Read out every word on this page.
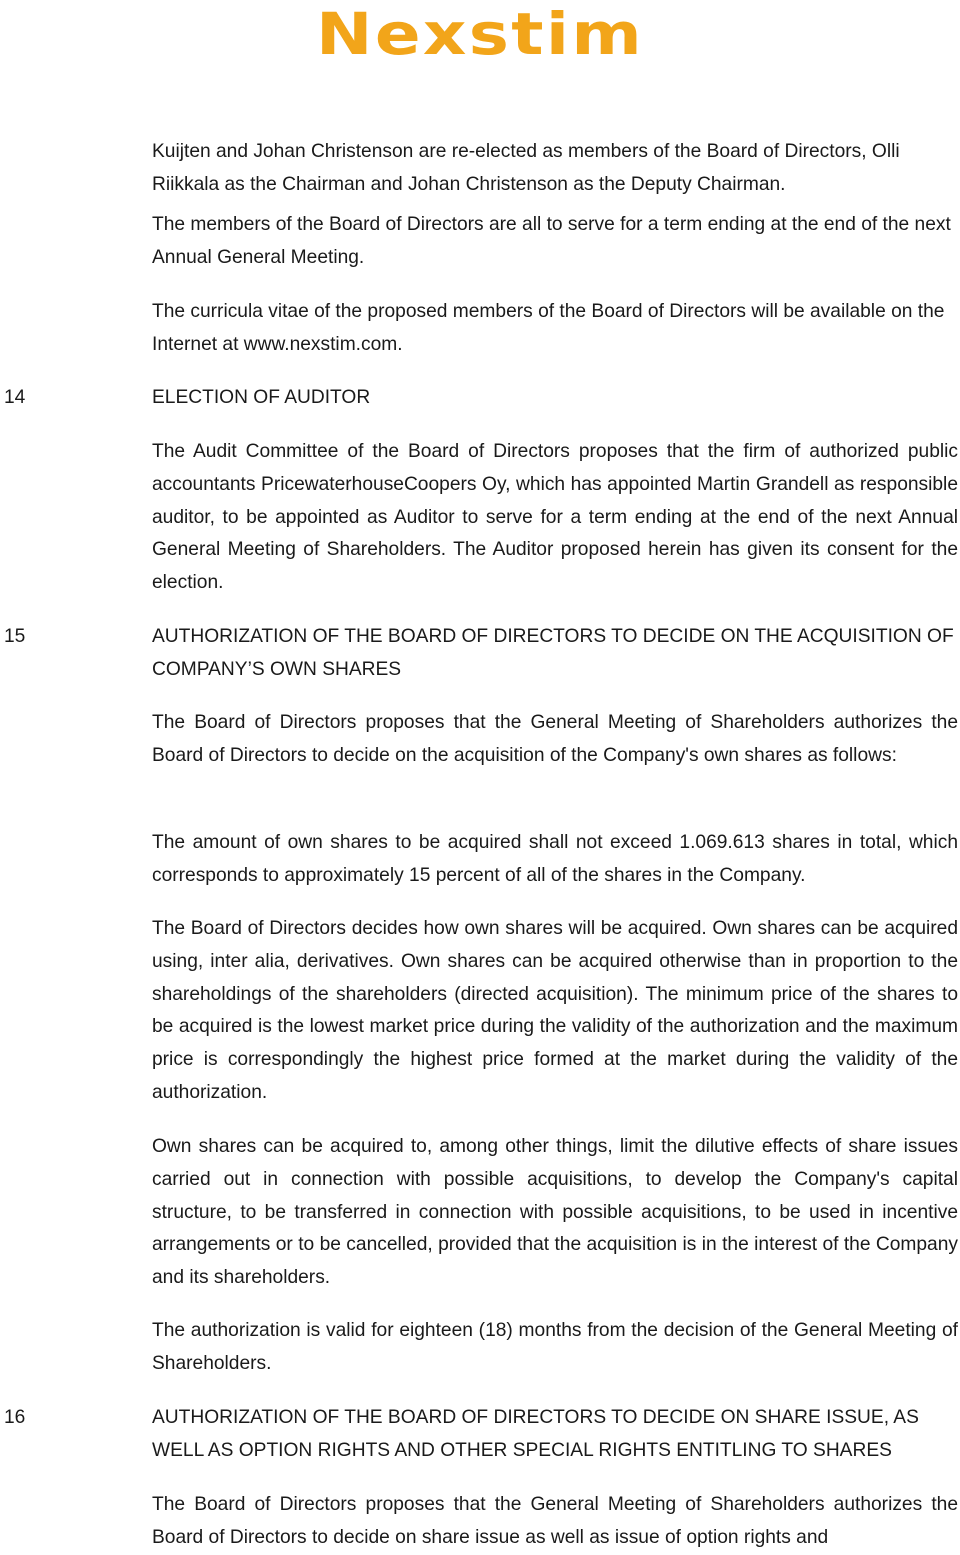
Nexstim

Kuijten and Johan Christenson are re-elected as members of the Board of Directors, Olli Riikkala as the Chairman and Johan Christenson as the Deputy Chairman.

The members of the Board of Directors are all to serve for a term ending at the end of the next Annual General Meeting.

The curricula vitae of the proposed members of the Board of Directors will be available on the Internet at www.nexstim.com.

14	ELECTION OF AUDITOR

The Audit Committee of the Board of Directors proposes that the firm of authorized public accountants PricewaterhouseCoopers Oy, which has appointed Martin Grandell as responsible auditor, to be appointed as Auditor to serve for a term ending at the end of the next Annual General Meeting of Shareholders. The Auditor proposed herein has given its consent for the election.

15	AUTHORIZATION OF THE BOARD OF DIRECTORS TO DECIDE ON THE ACQUISITION OF COMPANY’S OWN SHARES

The Board of Directors proposes that the General Meeting of Shareholders authorizes the Board of Directors to decide on the acquisition of the Company's own shares as follows:

The amount of own shares to be acquired shall not exceed 1.069.613 shares in total, which corresponds to approximately 15 percent of all of the shares in the Company.

The Board of Directors decides how own shares will be acquired. Own shares can be acquired using, inter alia, derivatives. Own shares can be acquired otherwise than in proportion to the shareholdings of the shareholders (directed acquisition). The minimum price of the shares to be acquired is the lowest market price during the validity of the authorization and the maximum price is correspondingly the highest price formed at the market during the validity of the authorization.

Own shares can be acquired to, among other things, limit the dilutive effects of share issues carried out in connection with possible acquisitions, to develop the Company's capital structure, to be transferred in connection with possible acquisitions, to be used in incentive arrangements or to be cancelled, provided that the acquisition is in the interest of the Company and its shareholders.

The authorization is valid for eighteen (18) months from the decision of the General Meeting of Shareholders.

16	AUTHORIZATION OF THE BOARD OF DIRECTORS TO DECIDE ON SHARE ISSUE, AS WELL AS OPTION RIGHTS AND OTHER SPECIAL RIGHTS ENTITLING TO SHARES

The Board of Directors proposes that the General Meeting of Shareholders authorizes the Board of Directors to decide on share issue as well as issue of option rights and
